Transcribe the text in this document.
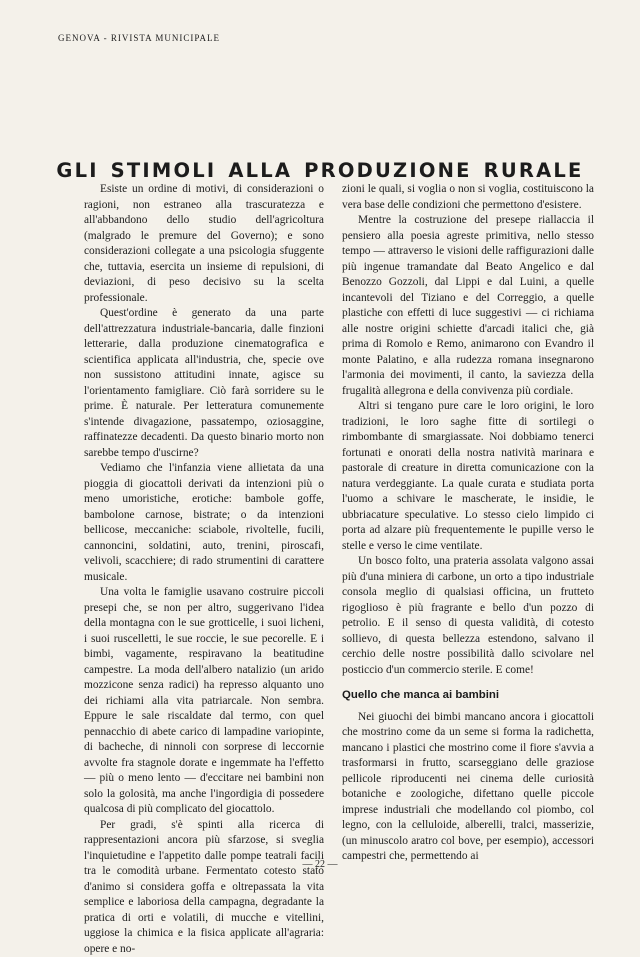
GENOVA - RIVISTA MUNICIPALE
GLI STIMOLI ALLA PRODUZIONE RURALE

Esiste un ordine di motivi, di considerazioni o ragioni, non estraneo alla trascuratezza e all'abbandono dello studio dell'agricoltura (malgrado le premure del Governo); e sono considerazioni collegate a una psicologia sfuggente che, tuttavia, esercita un insieme di repulsioni, di deviazioni, di peso decisivo su la scelta professionale.

Quest'ordine è generato da una parte dell'attrezzatura industriale-bancaria, dalle finzioni letterarie, dalla produzione cinematografica e scientifica applicata all'industria, che, specie ove non sussistono attitudini innate, agisce su l'orientamento famigliare. Ciò farà sorridere su le prime. È naturale. Per letteratura comunemente s'intende divagazione, passatempo, oziosaggine, raffinatezze decadenti. Da questo binario morto non sarebbe tempo d'uscirne?

Vediamo che l'infanzia viene allietata da una pioggia di giocattoli derivati da intenzioni più o meno umoristiche, erotiche: bambole goffe, bambolone carnose, bistrate; o da intenzioni bellicose, meccaniche: sciabole, rivoltelle, fucili, cannoncini, soldatini, auto, trenini, piroscafi, velivoli, scacchiere; di rado strumentini di carattere musicale.

Una volta le famiglie usavano costruire piccoli presepi che, se non per altro, suggerivano l'idea della montagna con le sue grotticelle, i suoi licheni, i suoi ruscelletti, le sue roccie, le sue pecorelle. E i bimbi, vagamente, respiravano la beatitudine campestre. La moda dell'albero natalizio (un arido mozzicone senza radici) ha represso alquanto uno dei richiami alla vita patriarcale. Non sembra. Eppure le sale riscaldate dal termo, con quel pennacchio di abete carico di lampadine variopinte, di bacheche, di ninnoli con sorprese di leccornie avvolte fra stagnole dorate e ingemmate ha l'effetto — più o meno lento — d'eccitare nei bambini non solo la golosità, ma anche l'ingordigia di possedere qualcosa di più complicato del giocattolo.

Per gradi, s'è spinti alla ricerca di rappresentazioni ancora più sfarzose, si sveglia l'inquietudine e l'appetito dalle pompe teatrali facili tra le comodità urbane. Fermentato cotesto stato d'animo si considera goffa e oltrepassata la vita semplice e laboriosa della campagna, degradante la pratica di orti e volatili, di mucche e vitellini, uggiose la chimica e la fisica applicate all'agraria: opere e no-

zioni le quali, si voglia o non si voglia, costituiscono la vera base delle condizioni che permettono d'esistere.

Mentre la costruzione del presepe riallaccia il pensiero alla poesia agreste primitiva, nello stesso tempo — attraverso le visioni delle raffigurazioni dalle più ingenue tramandate dal Beato Angelico e dal Benozzo Gozzoli, dal Lippi e dal Luini, a quelle incantevoli del Tiziano e del Correggio, a quelle plastiche con effetti di luce suggestivi — ci richiama alle nostre origini schiette d'arcadi italici che, già prima di Romolo e Remo, animarono con Evandro il monte Palatino, e alla rudezza romana insegnarono l'armonia dei movimenti, il canto, la saviezza della frugalità allegrona e della convivenza più cordiale.

Altri si tengano pure care le loro origini, le loro tradizioni, le loro saghe fitte di sortilegi o rimbombante di smargiassate. Noi dobbiamo tenerci fortunati e onorati della nostra natività marinara e pastorale di creature in diretta comunicazione con la natura verdeggiante. La quale curata e studiata porta l'uomo a schivare le mascherate, le insidie, le ubbriacature speculative. Lo stesso cielo limpido ci porta ad alzare più frequentemente le pupille verso le stelle e verso le cime ventilate.

Un bosco folto, una prateria assolata valgono assai più d'una miniera di carbone, un orto a tipo industriale consola meglio di qualsiasi officina, un frutteto rigoglioso è più fragrante e bello d'un pozzo di petrolio. E il senso di questa validità, di cotesto sollievo, di questa bellezza estendono, salvano il cerchio delle nostre possibilità dallo scivolare nel posticcio d'un commercio sterile. E come!

Quello che manca ai bambini

Nei giuochi dei bimbi mancano ancora i giocattoli che mostrino come da un seme si forma la radichetta, mancano i plastici che mostrino come il fiore s'avvia a trasformarsi in frutto, scarseggiano delle graziose pellicole riproducenti nei cinema delle curiosità botaniche e zoologiche, difettano quelle piccole imprese industriali che modellando col piombo, col legno, con la celluloide, alberelli, tralci, masserizie, (un minuscolo aratro col bove, per esempio), accessori campestri che, permettendo ai

— 22 —
